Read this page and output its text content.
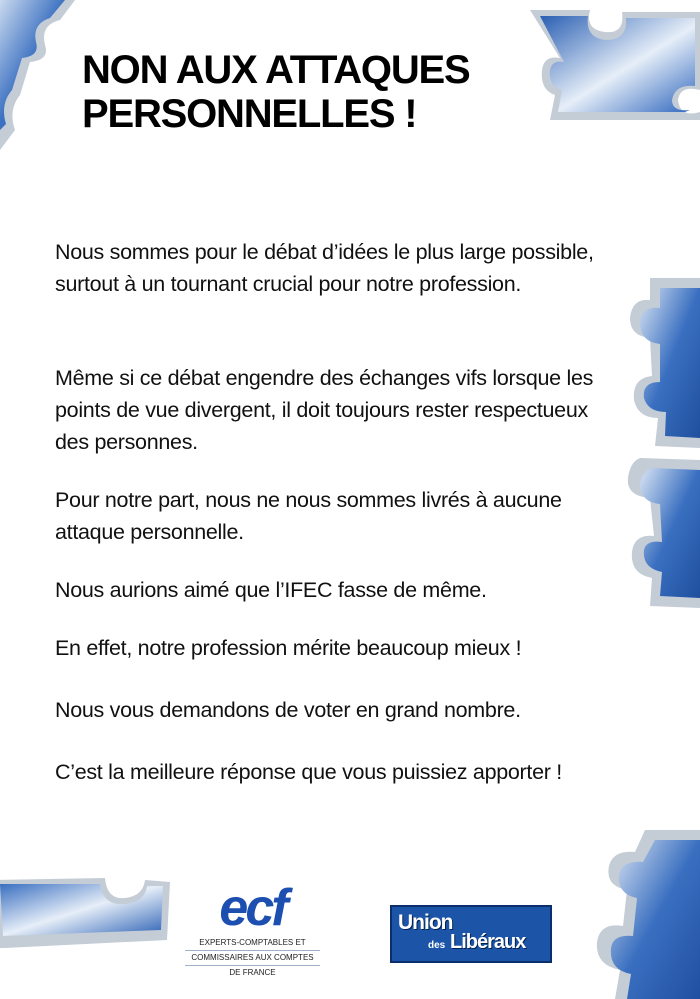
NON AUX ATTAQUES
PERSONNELLES !

Nous sommes pour le débat d’idées le plus large possible, surtout à un tournant crucial pour notre profession.

Même si ce débat engendre des échanges vifs lorsque les points de vue divergent, il doit toujours rester respectueux des personnes.

Pour notre part, nous ne nous sommes livrés à aucune attaque personnelle.

Nous aurions aimé que l’IFEC fasse de même.

En effet, notre profession mérite beaucoup mieux !

Nous vous demandons de voter en grand nombre.

C’est la meilleure réponse que vous puissiez apporter !

ecf
EXPERTS-COMPTABLES ET
COMMISSAIRES AUX COMPTES
DE FRANCE
Union
des Libéraux
